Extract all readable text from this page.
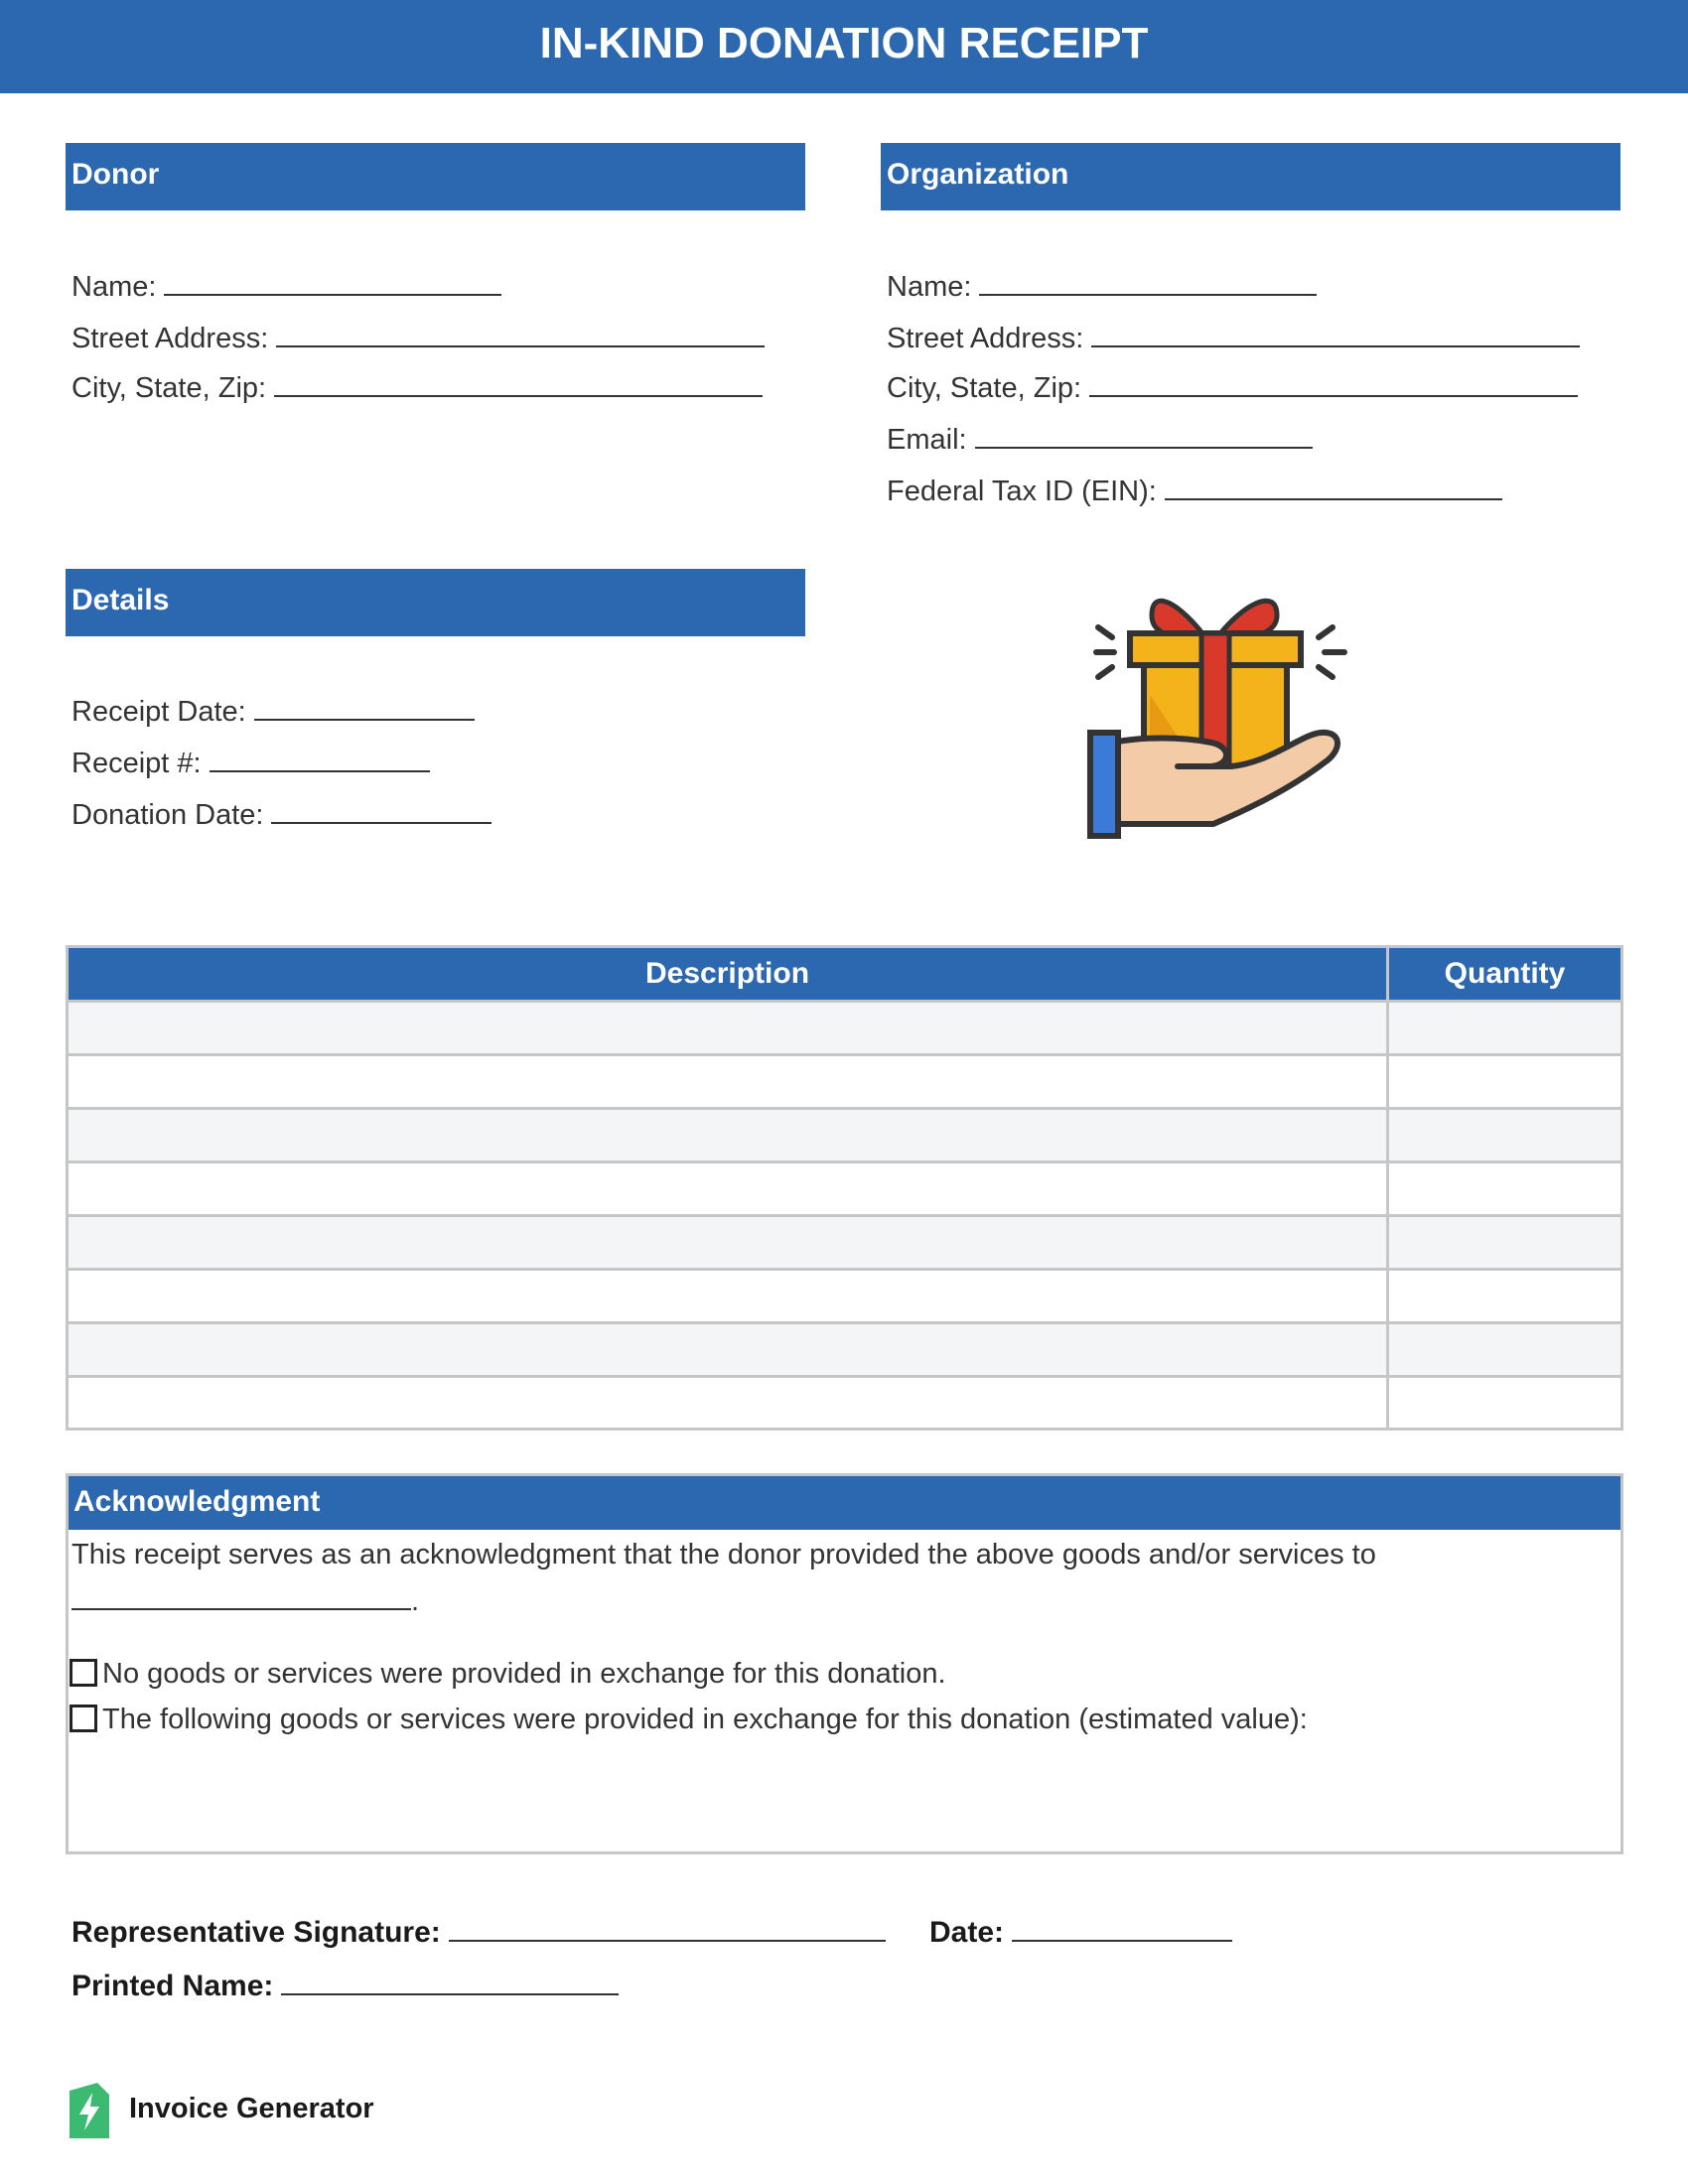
IN-KIND DONATION RECEIPT
Donor
Name:
Street Address:
City, State, Zip:
Organization
Name:
Street Address:
City, State, Zip:
Email:
Federal Tax ID (EIN):
Details
Receipt Date:
Receipt #:
Donation Date:
Description	Quantity

Acknowledgment
This receipt serves as an acknowledgment that the donor provided the above goods and/or services to
.
No goods or services were provided in exchange for this donation.
The following goods or services were provided in exchange for this donation (estimated value):
Representative Signature:	Date:
Printed Name:
Invoice Generator
